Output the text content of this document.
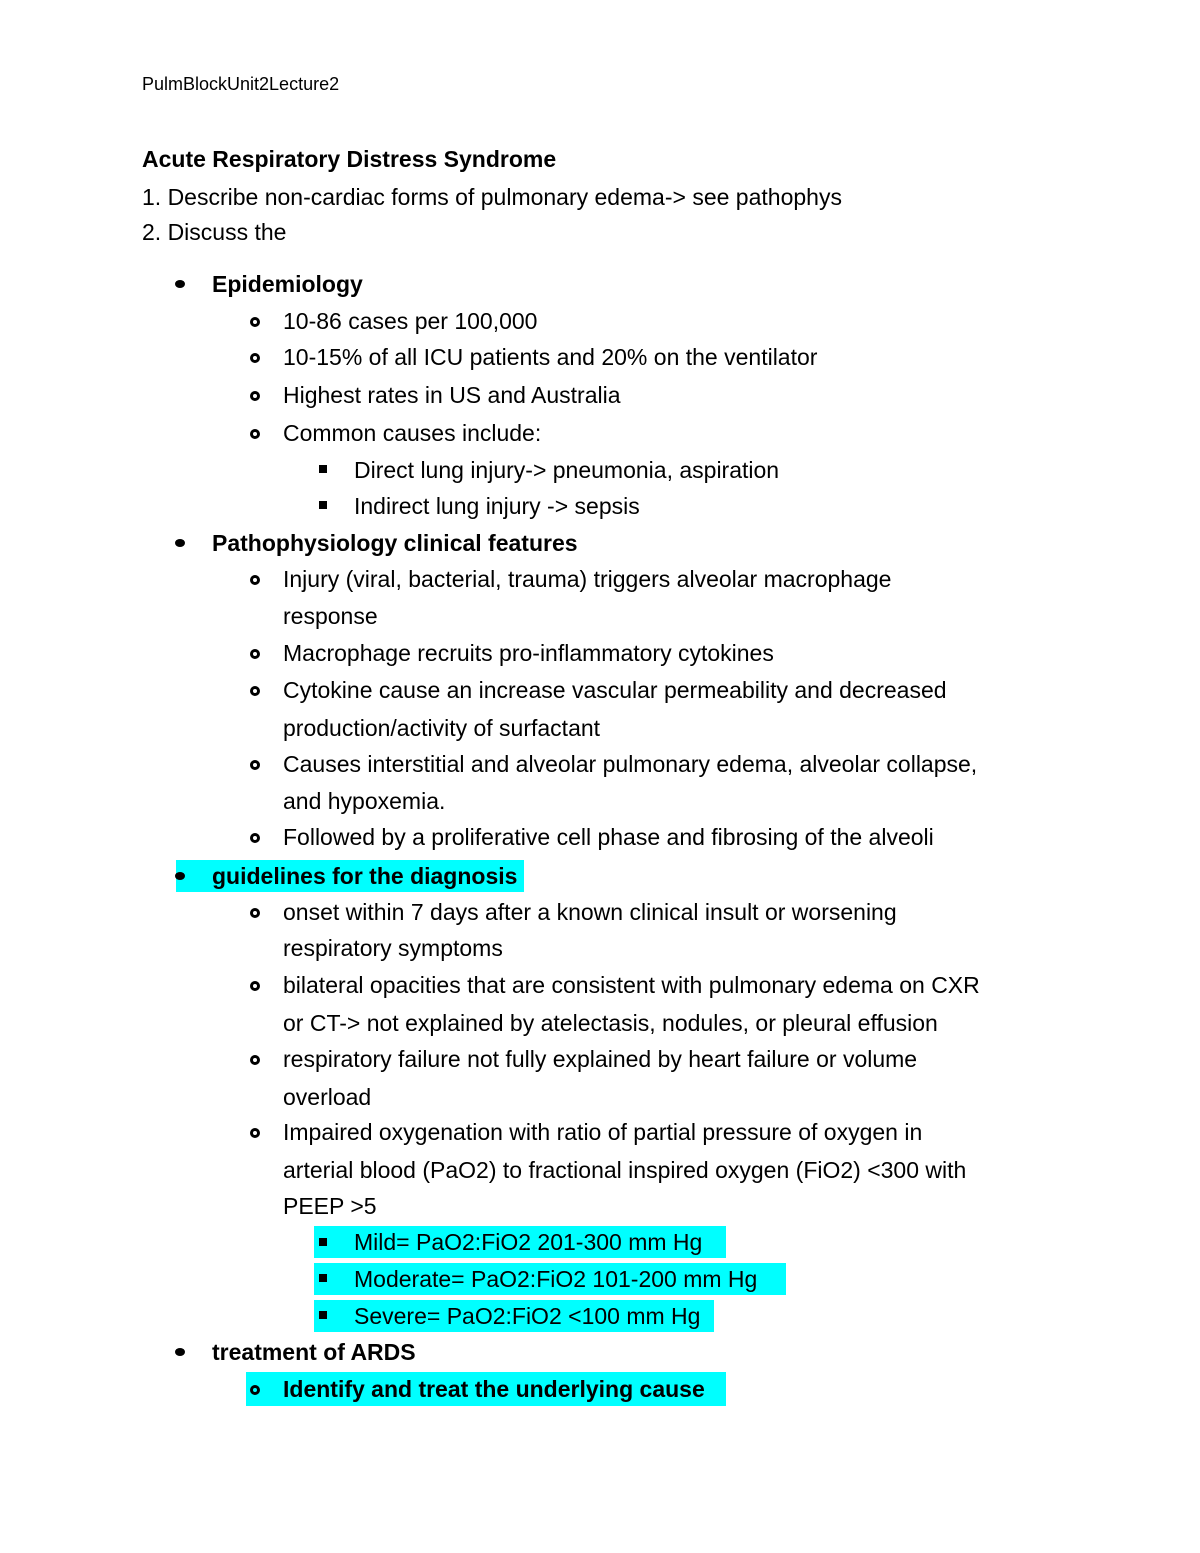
PulmBlockUnit2Lecture2
Acute Respiratory Distress Syndrome
1. Describe non-cardiac forms of pulmonary edema-> see pathophys
2. Discuss the
Epidemiology
10-86 cases per 100,000
10-15% of all ICU patients and 20% on the ventilator
Highest rates in US and Australia
Common causes include:
Direct lung injury-> pneumonia, aspiration
Indirect lung injury -> sepsis
Pathophysiology clinical features
Injury (viral, bacterial, trauma) triggers alveolar macrophage
response
Macrophage recruits pro-inflammatory cytokines
Cytokine cause an increase vascular permeability and decreased
production/activity of surfactant
Causes interstitial and alveolar pulmonary edema, alveolar collapse,
and hypoxemia.
Followed by a proliferative cell phase and fibrosing of the alveoli
guidelines for the diagnosis
onset within 7 days after a known clinical insult or worsening
respiratory symptoms
bilateral opacities that are consistent with pulmonary edema on CXR
or CT-> not explained by atelectasis, nodules, or pleural effusion
respiratory failure not fully explained by heart failure or volume
overload
Impaired oxygenation with ratio of partial pressure of oxygen in
arterial blood (PaO2) to fractional inspired oxygen (FiO2) <300 with
PEEP >5
Mild= PaO2:FiO2 201-300 mm Hg
Moderate= PaO2:FiO2 101-200 mm Hg
Severe= PaO2:FiO2 <100 mm Hg
treatment of ARDS
Identify and treat the underlying cause
